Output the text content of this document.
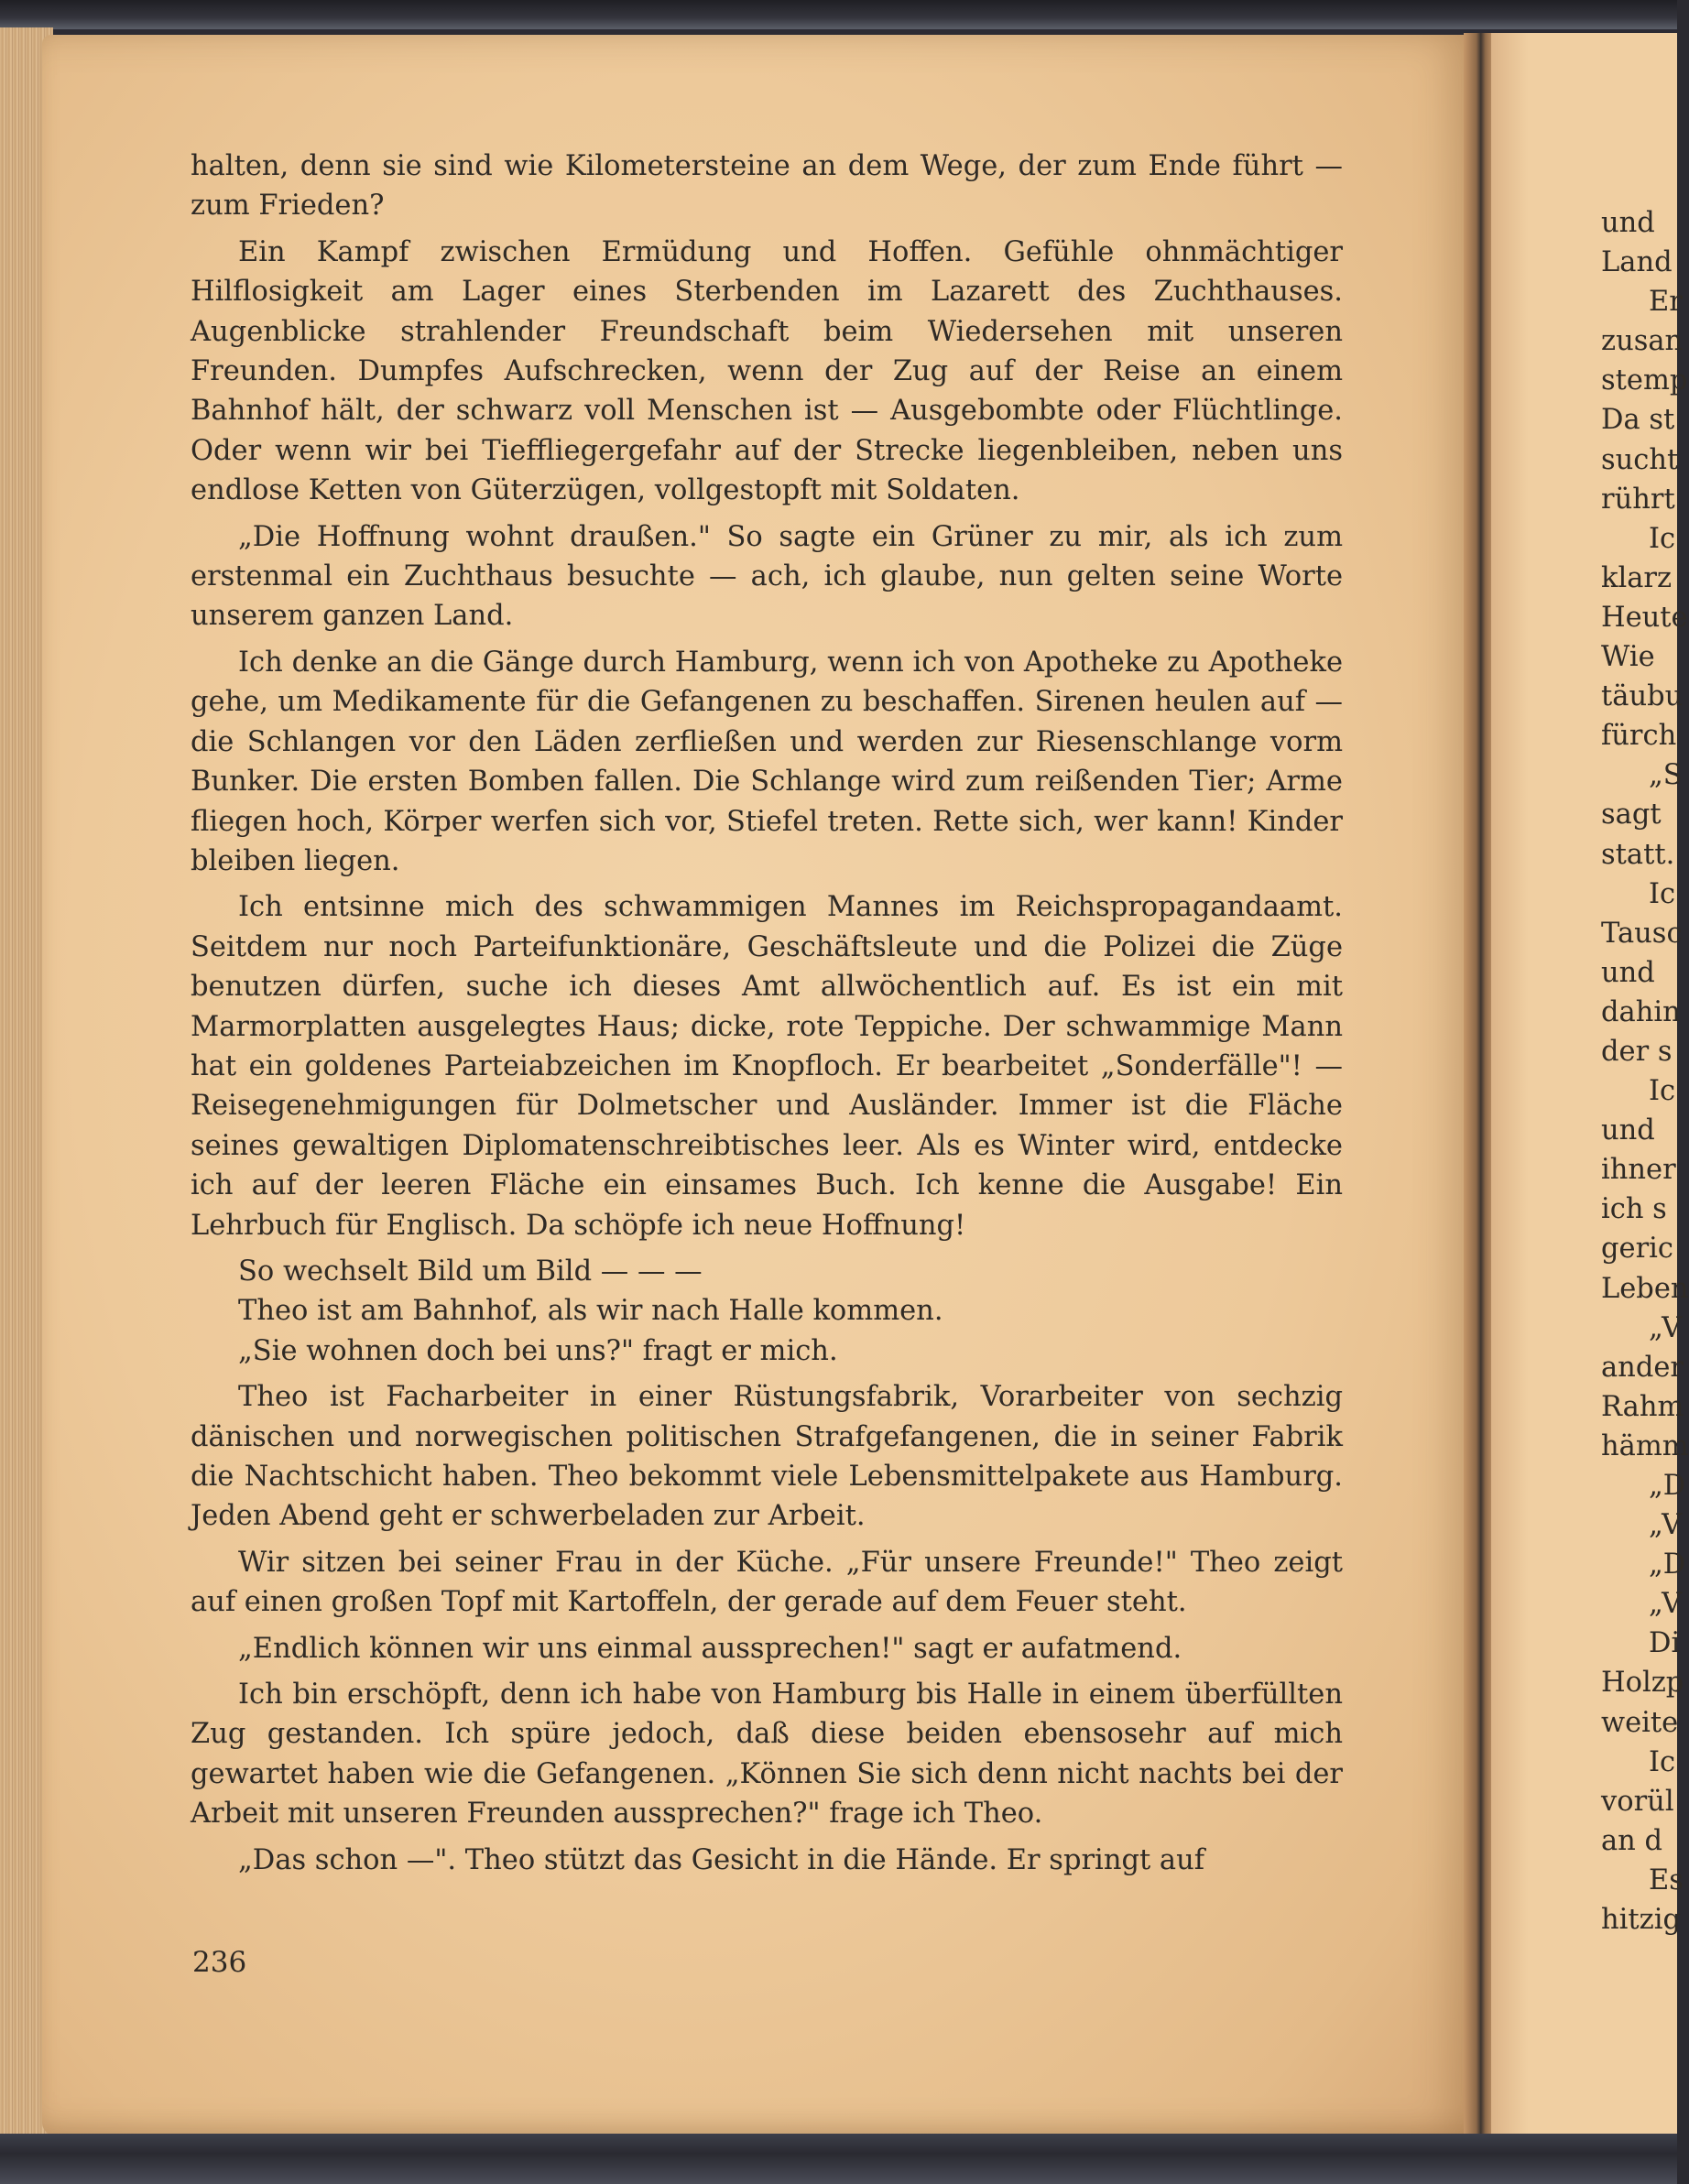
halten, denn sie sind wie Kilometersteine an dem Wege, der zum Ende führt — zum Frieden?

Ein Kampf zwischen Ermüdung und Hoffen. Gefühle ohnmächtiger Hilflosigkeit am Lager eines Sterbenden im Lazarett des Zuchthauses. Augenblicke strahlender Freundschaft beim Wiedersehen mit unseren Freunden. Dumpfes Aufschrecken, wenn der Zug auf der Reise an einem Bahnhof hält, der schwarz voll Menschen ist — Ausgebombte oder Flüchtlinge. Oder wenn wir bei Tieffliegergefahr auf der Strecke liegenbleiben, neben uns endlose Ketten von Güterzügen, vollgestopft mit Soldaten.

„Die Hoffnung wohnt draußen." So sagte ein Grüner zu mir, als ich zum erstenmal ein Zuchthaus besuchte — ach, ich glaube, nun gelten seine Worte unserem ganzen Land.

Ich denke an die Gänge durch Hamburg, wenn ich von Apotheke zu Apotheke gehe, um Medikamente für die Gefangenen zu beschaffen. Sirenen heulen auf — die Schlangen vor den Läden zerfließen und werden zur Riesenschlange vorm Bunker. Die ersten Bomben fallen. Die Schlange wird zum reißenden Tier; Arme fliegen hoch, Körper werfen sich vor, Stiefel treten. Rette sich, wer kann! Kinder bleiben liegen.

Ich entsinne mich des schwammigen Mannes im Reichspropagandaamt. Seitdem nur noch Parteifunktionäre, Geschäftsleute und die Polizei die Züge benutzen dürfen, suche ich dieses Amt allwöchentlich auf. Es ist ein mit Marmorplatten ausgelegtes Haus; dicke, rote Teppiche. Der schwammige Mann hat ein goldenes Parteiabzeichen im Knopfloch. Er bearbeitet „Sonderfälle"! — Reisegenehmigungen für Dolmetscher und Ausländer. Immer ist die Fläche seines gewaltigen Diplomatenschreibtisches leer. Als es Winter wird, entdecke ich auf der leeren Fläche ein einsames Buch. Ich kenne die Ausgabe! Ein Lehrbuch für Englisch. Da schöpfe ich neue Hoffnung!

So wechselt Bild um Bild — — —

Theo ist am Bahnhof, als wir nach Halle kommen.

„Sie wohnen doch bei uns?" fragt er mich.

Theo ist Facharbeiter in einer Rüstungsfabrik, Vorarbeiter von sechzig dänischen und norwegischen politischen Strafgefangenen, die in seiner Fabrik die Nachtschicht haben. Theo bekommt viele Lebensmittelpakete aus Hamburg. Jeden Abend geht er schwerbeladen zur Arbeit.

Wir sitzen bei seiner Frau in der Küche. „Für unsere Freunde!" Theo zeigt auf einen großen Topf mit Kartoffeln, der gerade auf dem Feuer steht.

„Endlich können wir uns einmal aussprechen!" sagt er aufatmend.

Ich bin erschöpft, denn ich habe von Hamburg bis Halle in einem überfüllten Zug gestanden. Ich spüre jedoch, daß diese beiden ebensosehr auf mich gewartet haben wie die Gefangenen. „Können Sie sich denn nicht nachts bei der Arbeit mit unseren Freunden aussprechen?" frage ich Theo.

„Das schon —". Theo stützt das Gesicht in die Hände. Er springt auf

236
und
Land
Er
zusan
stemp
Da st
sucht
rührt
Ic
klarz
Heute
Wie
täubu
fürch
„S
sagt
statt.
Ic
Tausc
und
dahin
der s
Ic
und
ihner
ich s
geric
Leben
„V
ander
Rahm
hämm
„D
„V
„D
„V
Di
Holzp
weite
Ic
vorül
an d
Es
hitzig
